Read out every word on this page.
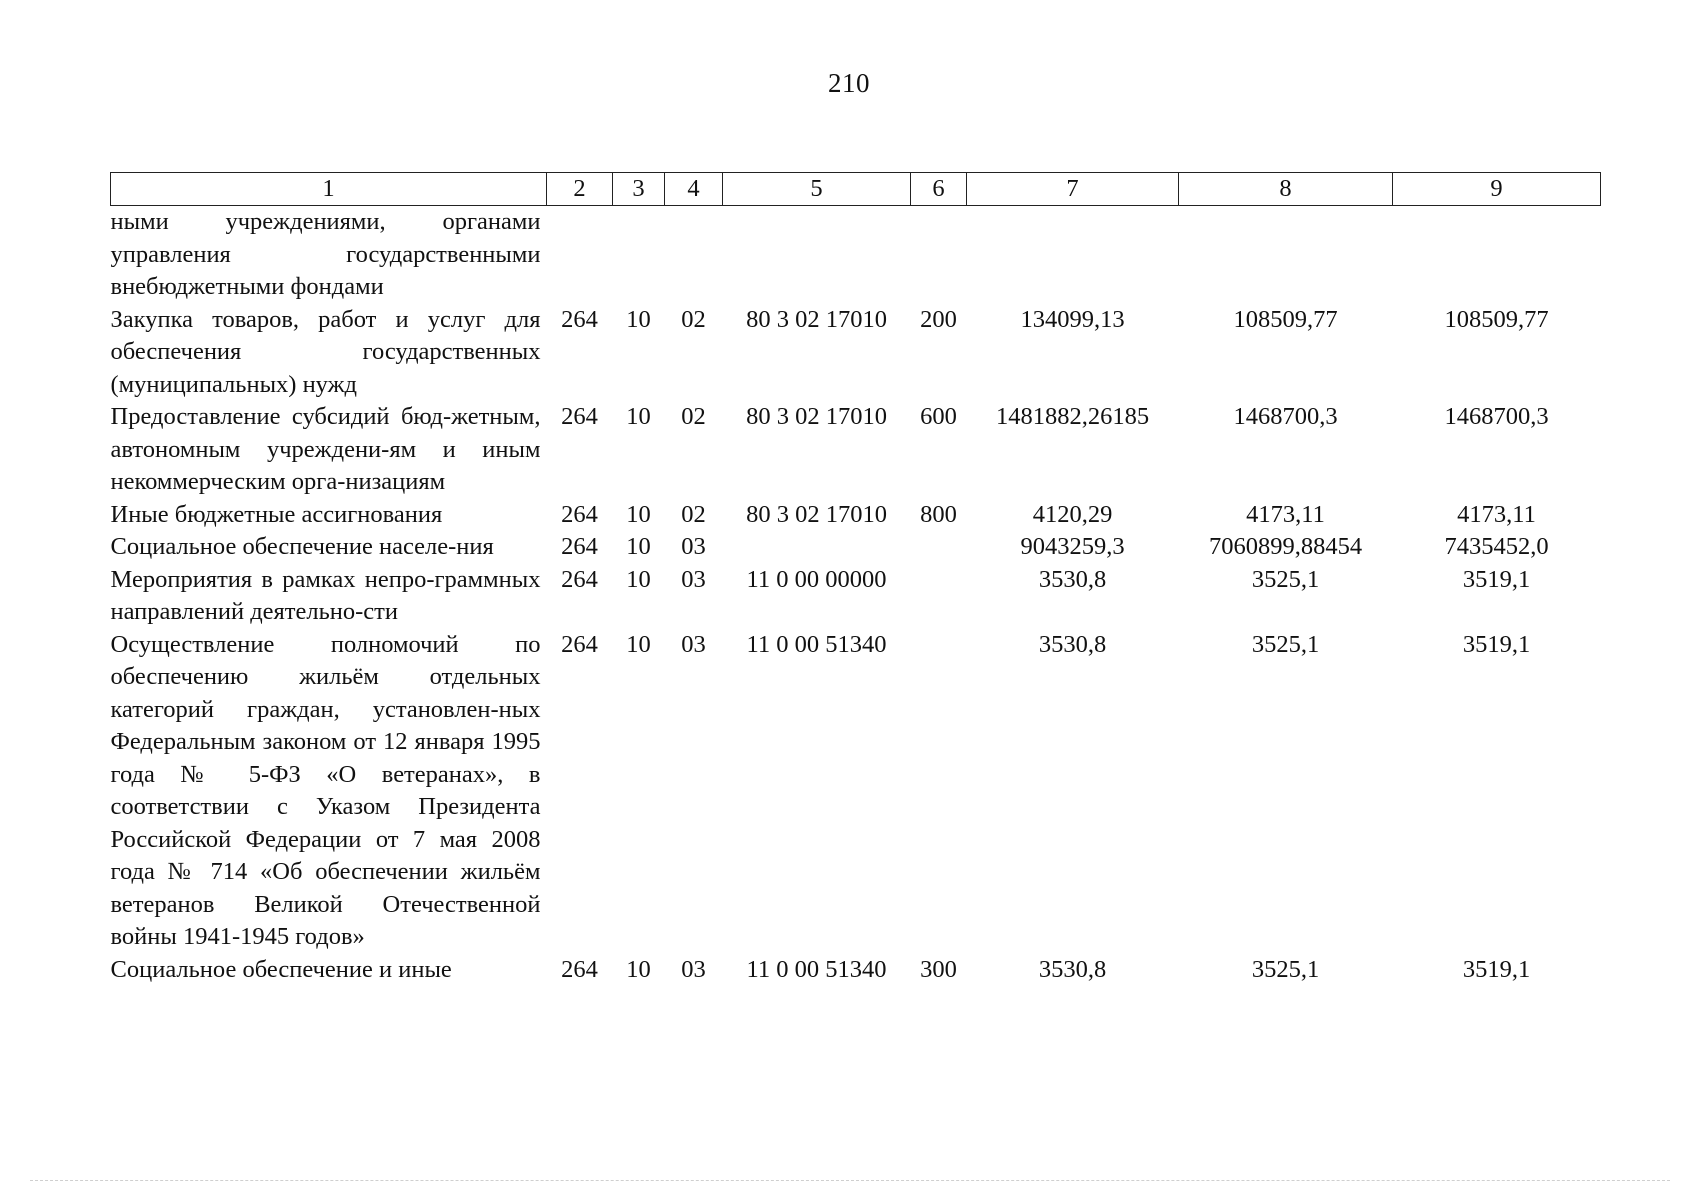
210
1	2	3	4	5	6	7	8	9
ными учреждениями, органами управления государственными внебюджетными фондами								
Закупка товаров, работ и услуг для обеспечения государственных (муниципальных) нужд	264	10	02	80 3 02 17010	200	134099,13	108509,77	108509,77
Предоставление субсидий бюд-жетным, автономным учреждени-ям и иным некоммерческим орга-низациям	264	10	02	80 3 02 17010	600	1481882,26185	1468700,3	1468700,3
Иные бюджетные ассигнования	264	10	02	80 3 02 17010	800	4120,29	4173,11	4173,11
Социальное обеспечение населе-ния	264	10	03			9043259,3	7060899,88454	7435452,0
Мероприятия в рамках непро-граммных направлений деятельно-сти	264	10	03	11 0 00 00000		3530,8	3525,1	3519,1
Осуществление полномочий по обеспечению жильём отдельных категорий граждан, установлен-ных Федеральным законом от 12 января 1995 года № 5-ФЗ «О ветеранах», в соответствии с Указом Президента Российской Федерации от 7 мая 2008 года № 714 «Об обеспечении жильём ветеранов Великой Отечественной войны 1941-1945 годов»	264	10	03	11 0 00 51340		3530,8	3525,1	3519,1
Социальное обеспечение и иные	264	10	03	11 0 00 51340	300	3530,8	3525,1	3519,1
